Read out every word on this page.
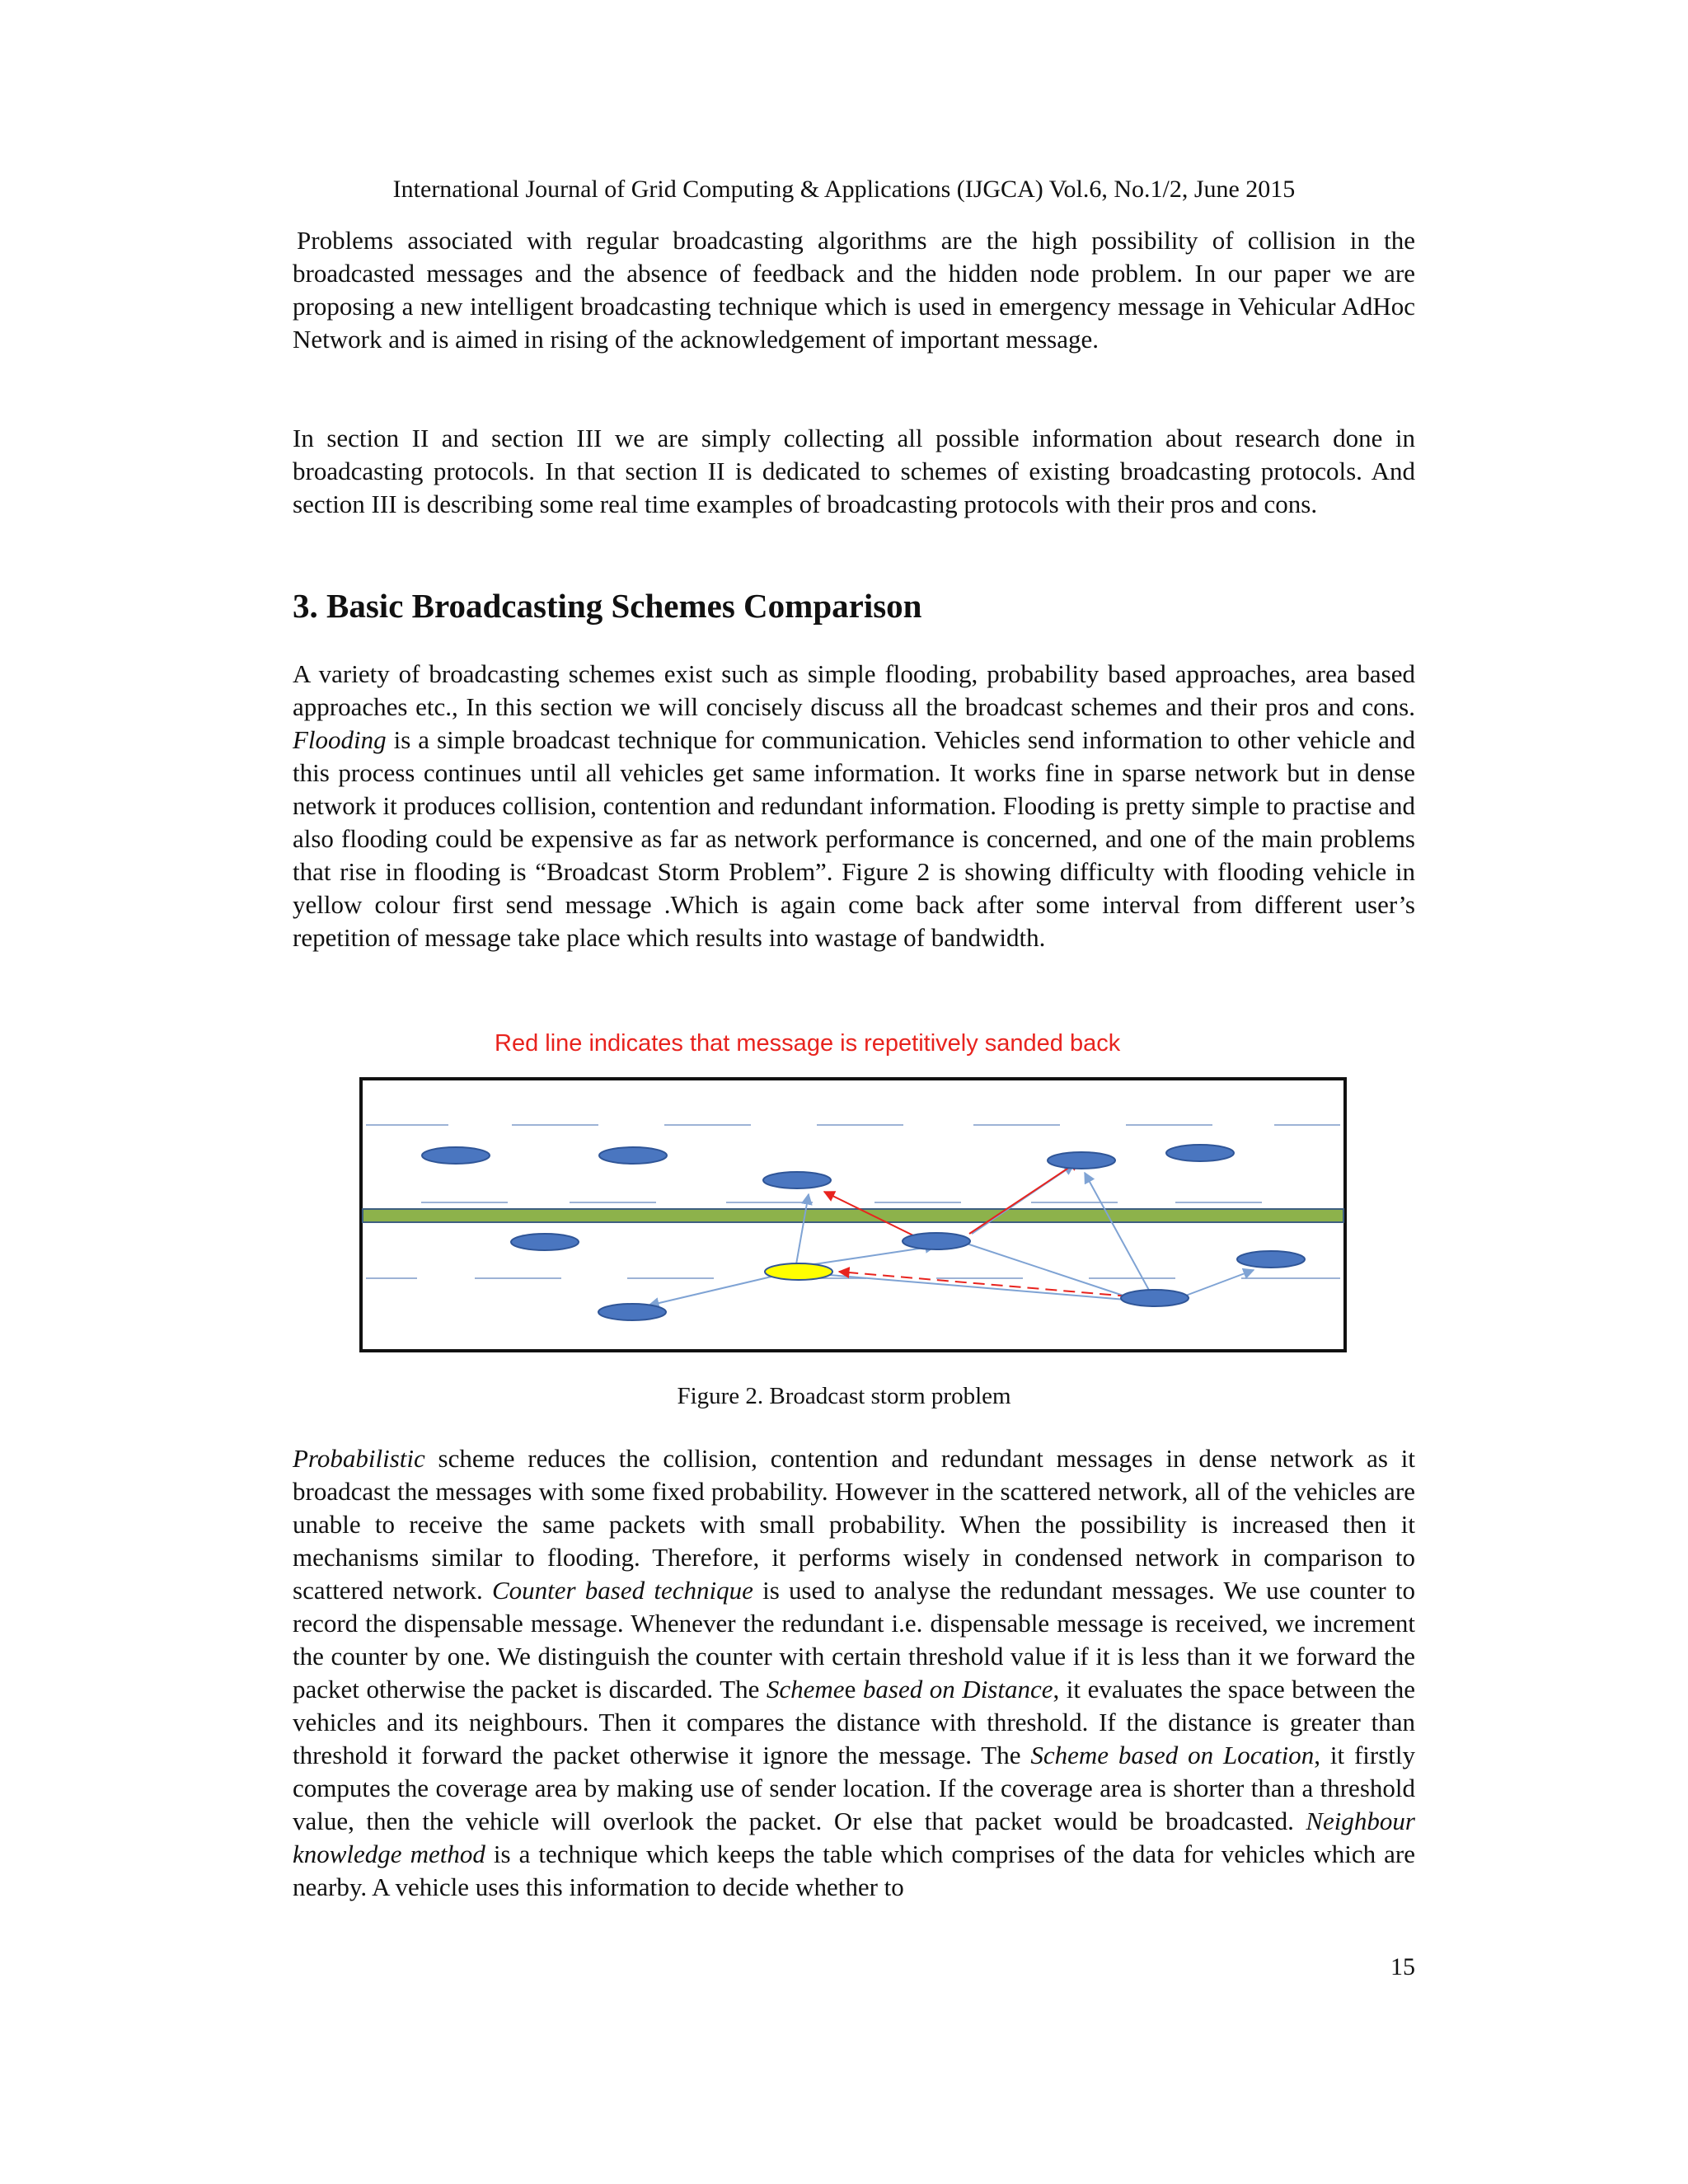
International Journal of Grid Computing & Applications (IJGCA) Vol.6, No.1/2, June 2015

Problems associated with regular broadcasting algorithms are the high possibility of collision in the broadcasted messages and the absence of feedback and the hidden node problem. In our paper we are proposing a new intelligent broadcasting technique which is used in emergency message in Vehicular AdHoc Network and is aimed in rising of the acknowledgement of important message.

In section II and section III we are simply collecting all possible information about research done in broadcasting protocols. In that section II is dedicated to schemes of existing broadcasting protocols. And section III is describing some real time examples of broadcasting protocols with their pros and cons.

3. Basic Broadcasting Schemes Comparison

A variety of broadcasting schemes exist such as simple flooding, probability based approaches, area based approaches etc., In this section we will concisely discuss all the broadcast schemes and their pros and cons. Flooding is a simple broadcast technique for communication. Vehicles send information to other vehicle and this process continues until all vehicles get same information. It works fine in sparse network but in dense network it produces collision, contention and redundant information. Flooding is pretty simple to practise and also flooding could be expensive as far as network performance is concerned, and one of the main problems that rise in flooding is “Broadcast Storm Problem”. Figure 2 is showing difficulty with flooding vehicle in yellow colour first send message .Which is again come back after some interval from different user’s repetition of message take place which results into wastage of bandwidth.

Red line indicates that message is repetitively sanded back
Figure 2. Broadcast storm problem

Probabilistic scheme reduces the collision, contention and redundant messages in dense network as it broadcast the messages with some fixed probability. However in the scattered network, all of the vehicles are unable to receive the same packets with small probability. When the possibility is increased then it mechanisms similar to flooding. Therefore, it performs wisely in condensed network in comparison to scattered network. Counter based technique is used to analyse the redundant messages. We use counter to record the dispensable message. Whenever the redundant i.e. dispensable message is received, we increment the counter by one. We distinguish the counter with certain threshold value if it is less than it we forward the packet otherwise the packet is discarded. The Schemee based on Distance, it evaluates the space between the vehicles and its neighbours. Then it compares the distance with threshold. If the distance is greater than threshold it forward the packet otherwise it ignore the message. The Scheme based on Location, it firstly computes the coverage area by making use of sender location. If the coverage area is shorter than a threshold value, then the vehicle will overlook the packet. Or else that packet would be broadcasted. Neighbour knowledge method is a technique which keeps the table which comprises of the data for vehicles which are nearby. A vehicle uses this information to decide whether to

15
